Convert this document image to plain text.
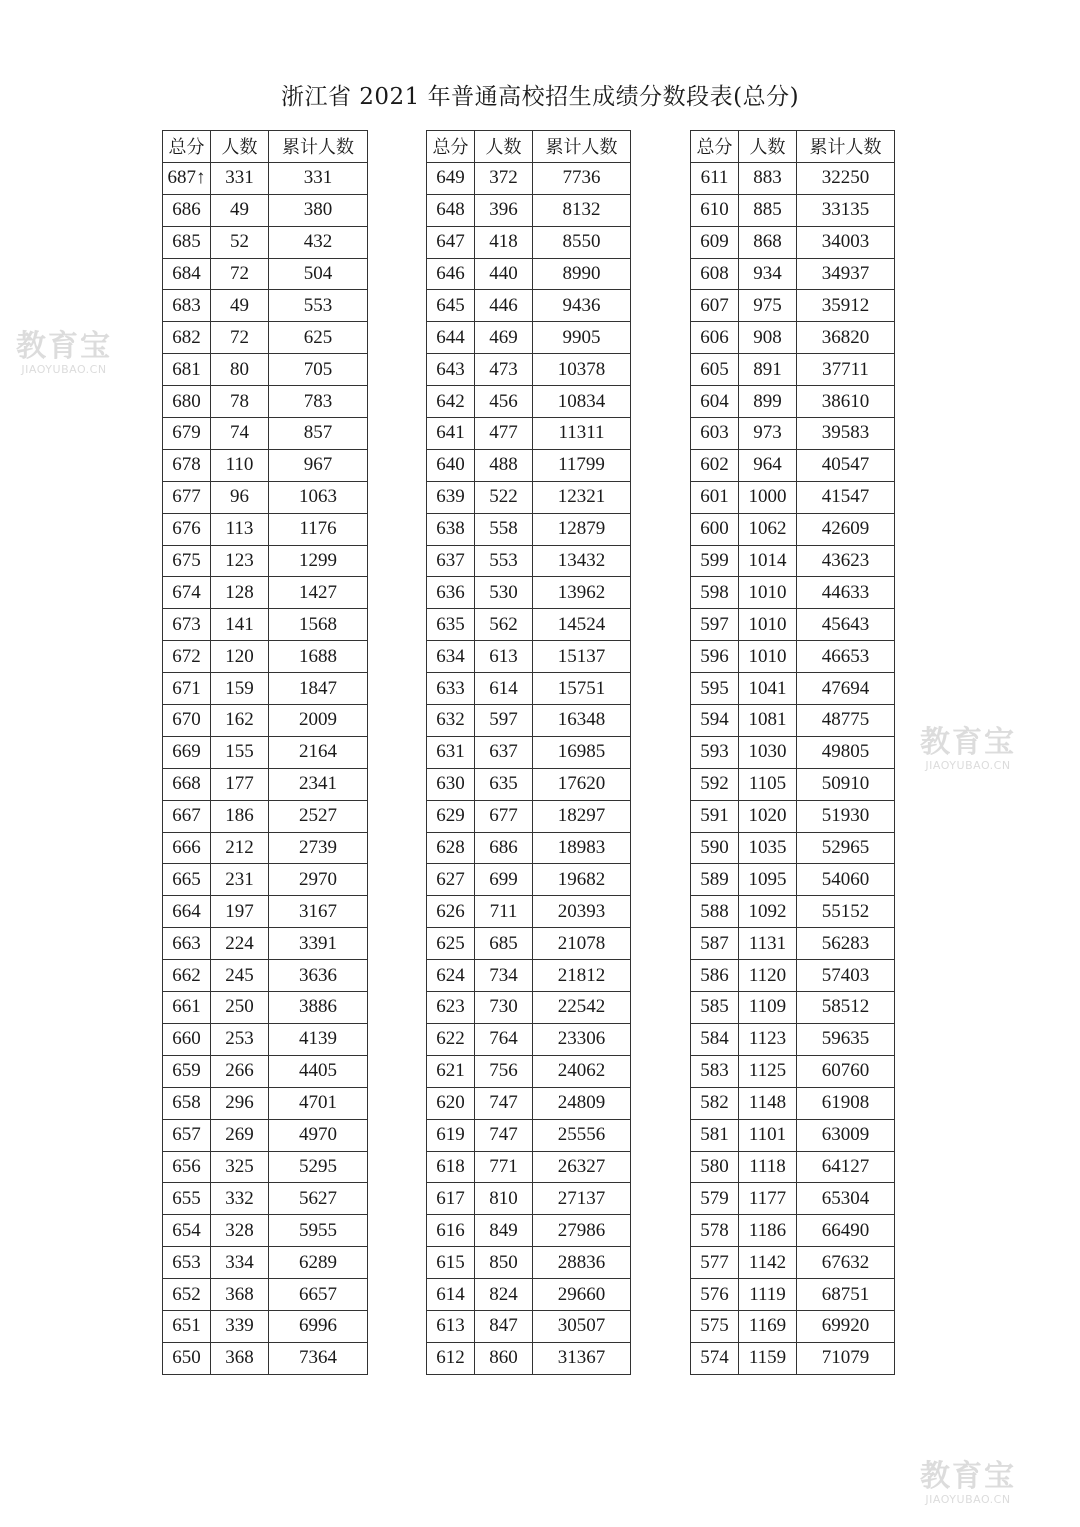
浙江省 2021 年普通高校招生成绩分数段表(总分)
总分	人数	累计人数
687↑	331	331
686	49	380
685	52	432
684	72	504
683	49	553
682	72	625
681	80	705
680	78	783
679	74	857
678	110	967
677	96	1063
676	113	1176
675	123	1299
674	128	1427
673	141	1568
672	120	1688
671	159	1847
670	162	2009
669	155	2164
668	177	2341
667	186	2527
666	212	2739
665	231	2970
664	197	3167
663	224	3391
662	245	3636
661	250	3886
660	253	4139
659	266	4405
658	296	4701
657	269	4970
656	325	5295
655	332	5627
654	328	5955
653	334	6289
652	368	6657
651	339	6996
650	368	7364
总分	人数	累计人数
649	372	7736
648	396	8132
647	418	8550
646	440	8990
645	446	9436
644	469	9905
643	473	10378
642	456	10834
641	477	11311
640	488	11799
639	522	12321
638	558	12879
637	553	13432
636	530	13962
635	562	14524
634	613	15137
633	614	15751
632	597	16348
631	637	16985
630	635	17620
629	677	18297
628	686	18983
627	699	19682
626	711	20393
625	685	21078
624	734	21812
623	730	22542
622	764	23306
621	756	24062
620	747	24809
619	747	25556
618	771	26327
617	810	27137
616	849	27986
615	850	28836
614	824	29660
613	847	30507
612	860	31367
总分	人数	累计人数
611	883	32250
610	885	33135
609	868	34003
608	934	34937
607	975	35912
606	908	36820
605	891	37711
604	899	38610
603	973	39583
602	964	40547
601	1000	41547
600	1062	42609
599	1014	43623
598	1010	44633
597	1010	45643
596	1010	46653
595	1041	47694
594	1081	48775
593	1030	49805
592	1105	50910
591	1020	51930
590	1035	52965
589	1095	54060
588	1092	55152
587	1131	56283
586	1120	57403
585	1109	58512
584	1123	59635
583	1125	60760
582	1148	61908
581	1101	63009
580	1118	64127
579	1177	65304
578	1186	66490
577	1142	67632
576	1119	68751
575	1169	69920
574	1159	71079
教育宝
JIAOYUBAO.CN
教育宝
JIAOYUBAO.CN
教育宝
JIAOYUBAO.CN
